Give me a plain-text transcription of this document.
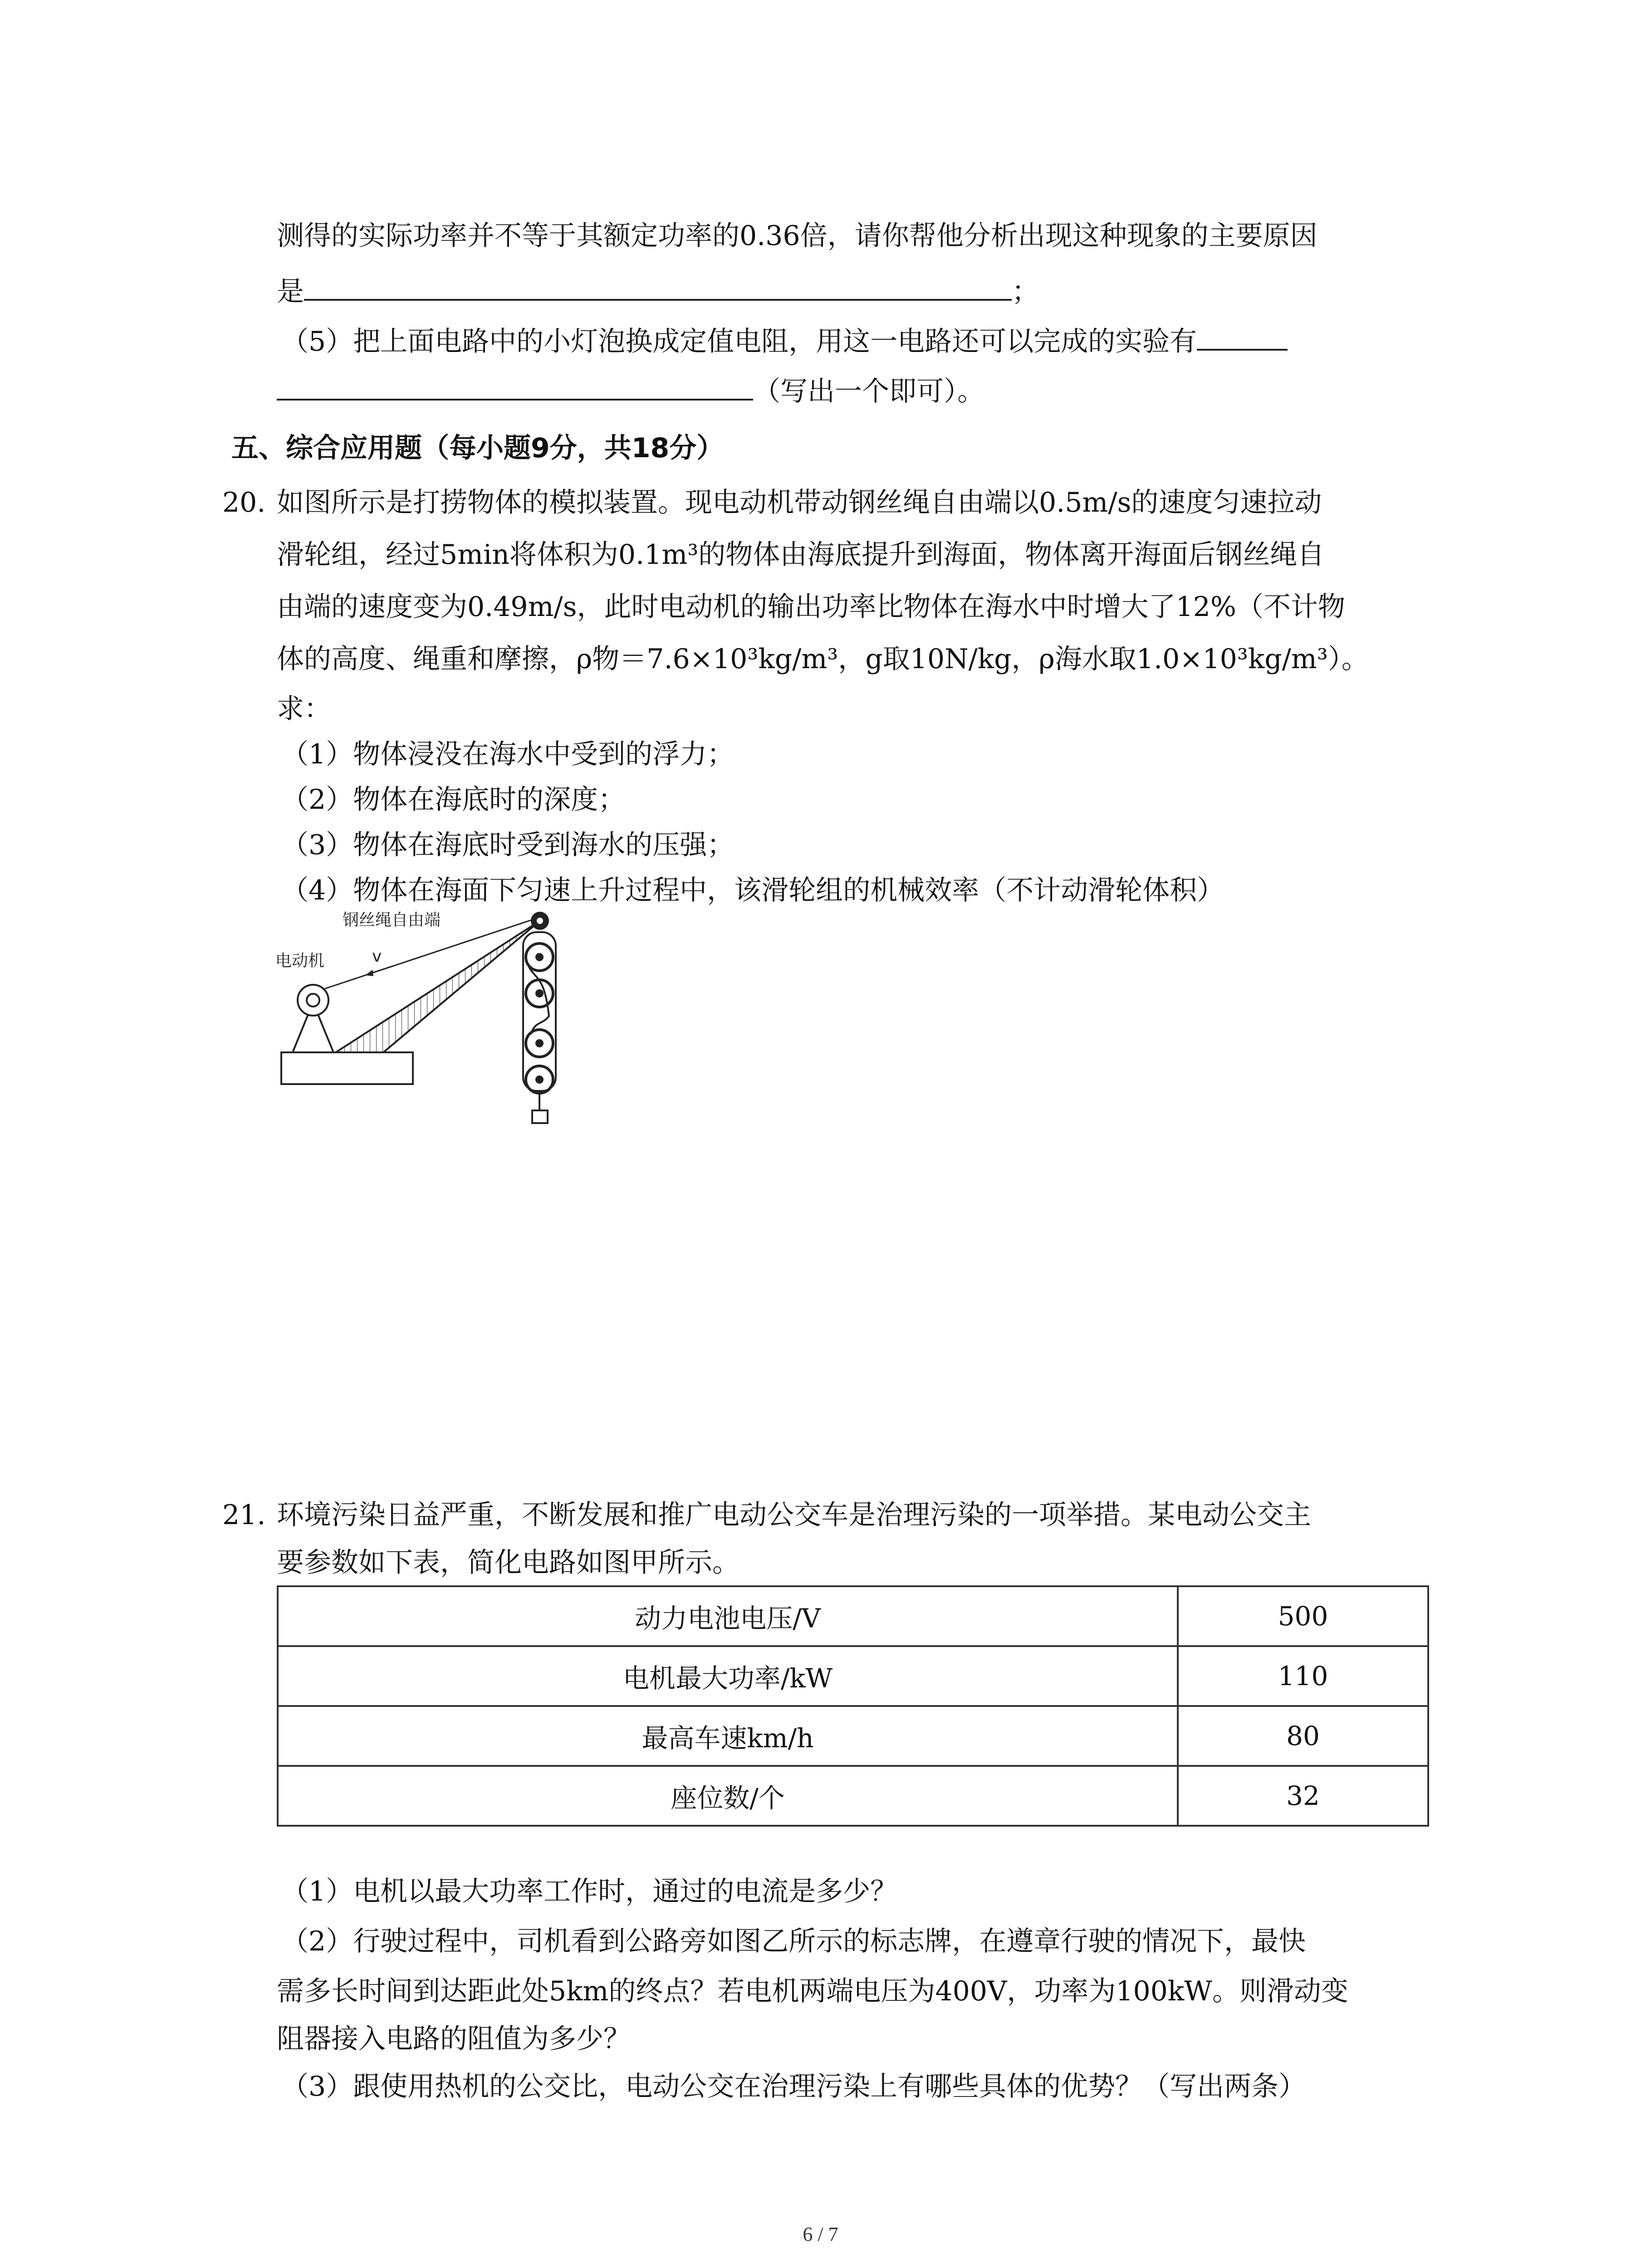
测得的实际功率并不等于其额定功率的0.36倍，请你帮他分析出现这种现象的主要原因
是	；
（5）把上面电路中的小灯泡换成定值电阻，用这一电路还可以完成的实验有
（写出一个即可）。
五、综合应用题（每小题9分，共18分）
20. 如图所示是打捞物体的模拟装置。现电动机带动钢丝绳自由端以0.5m/s的速度匀速拉动
滑轮组，经过5min将体积为0.1m³的物体由海底提升到海面，物体离开海面后钢丝绳自
由端的速度变为0.49m/s，此时电动机的输出功率比物体在海水中时增大了12%（不计物
体的高度、绳重和摩擦，ρ物＝7.6×10³kg/m³，g取10N/kg，ρ海水取1.0×10³kg/m³）。
求：
（1）物体浸没在海水中受到的浮力；
（2）物体在海底时的深度；
（3）物体在海底时受到海水的压强；
（4）物体在海面下匀速上升过程中，该滑轮组的机械效率（不计动滑轮体积）
v
钢丝绳自由端
电动机
21. 环境污染日益严重，不断发展和推广电动公交车是治理污染的一项举措。某电动公交主
要参数如下表，简化电路如图甲所示。
动力电池电压/V	500
电机最大功率/kW	110
最高车速km/h	80
座位数/个	32
（1）电机以最大功率工作时，通过的电流是多少？
（2）行驶过程中，司机看到公路旁如图乙所示的标志牌，在遵章行驶的情况下，最快
需多长时间到达距此处5km的终点？若电机两端电压为400V，功率为100kW。则滑动变
阻器接入电路的阻值为多少？
（3）跟使用热机的公交比，电动公交在治理污染上有哪些具体的优势？（写出两条）
6 / 7
